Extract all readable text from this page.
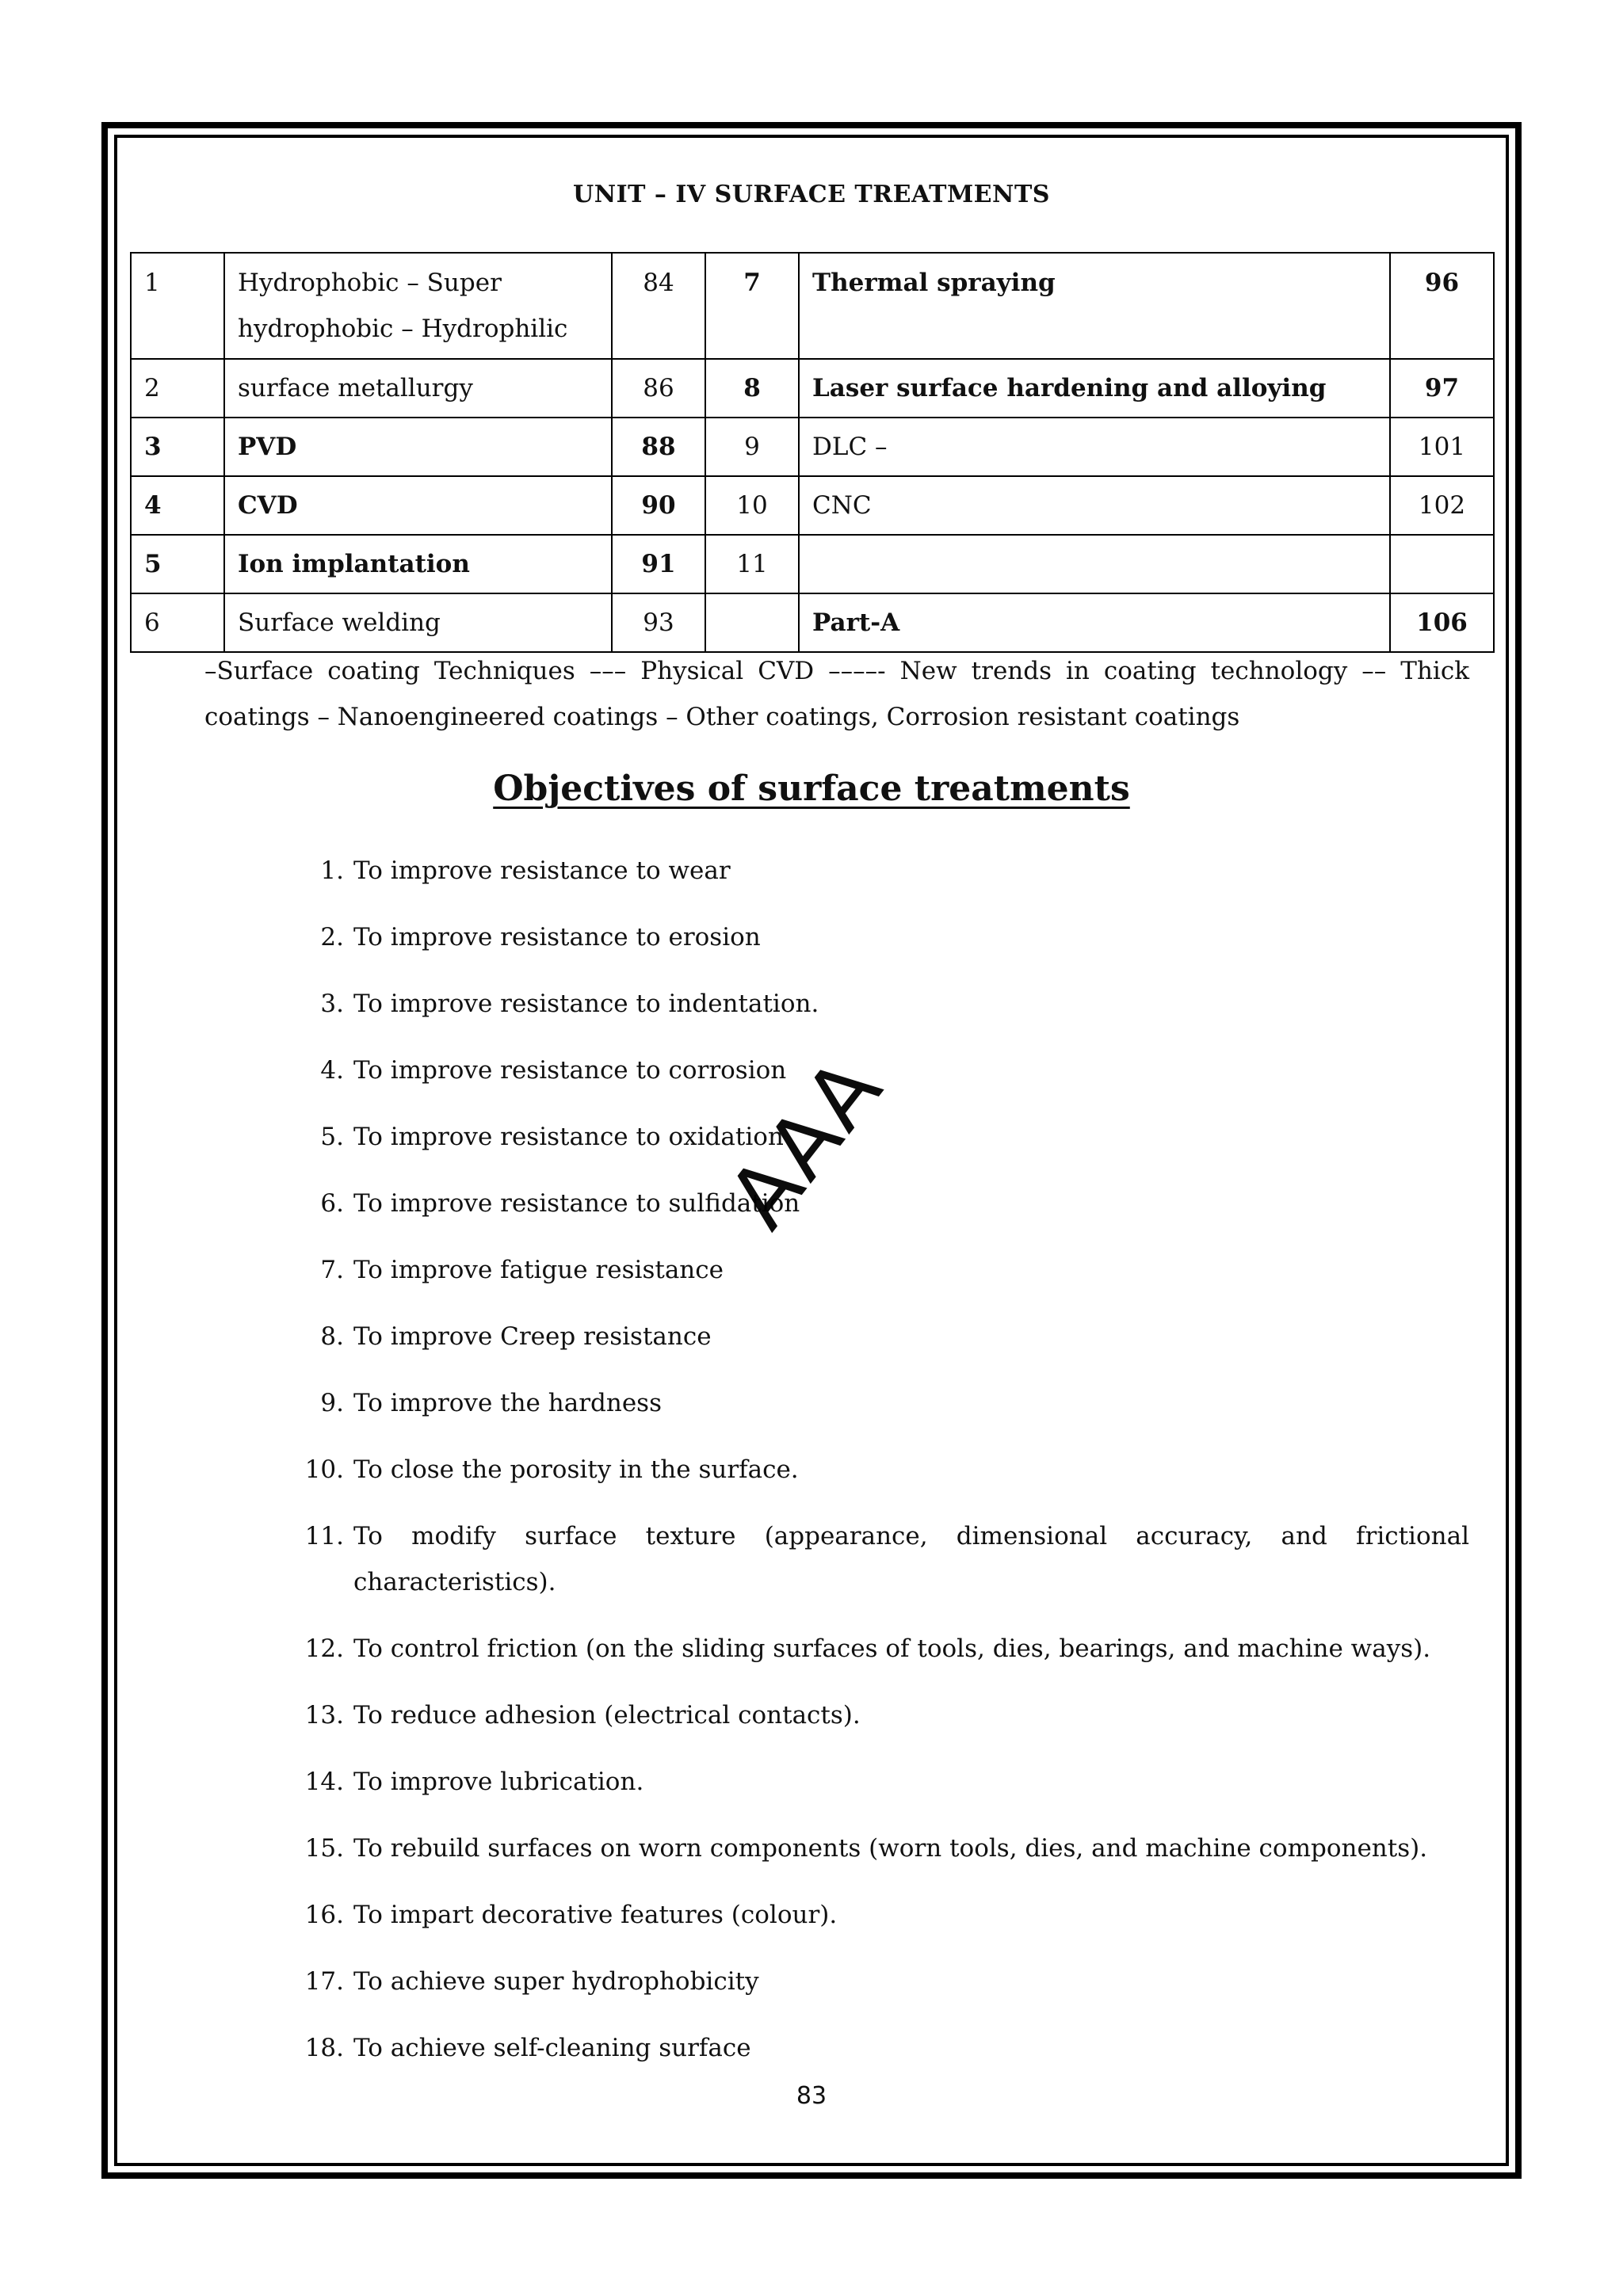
UNIT – IV SURFACE TREATMENTS
1	Hydrophobic – Super hydrophobic – Hydrophilic	84	7	Thermal spraying	96
2	surface metallurgy	86	8	Laser surface hardening and alloying	97
3	PVD	88	9	DLC –	101
4	CVD	90	10	CNC	102
5	Ion implantation	91	11		
6	Surface welding	93		Part-A	106
–Surface coating Techniques ––– Physical CVD ––––- New trends in coating technology –– Thick coatings – Nanoengineered coatings – Other coatings, Corrosion resistant coatings
Objectives of surface treatments
1. To improve resistance to wear
2. To improve resistance to erosion
3. To improve resistance to indentation.
4. To improve resistance to corrosion
5. To improve resistance to oxidation
6. To improve resistance to sulfidation
7. To improve fatigue resistance
8. To improve Creep resistance
9. To improve the hardness
10. To close the porosity in the surface.
11. To modify surface texture (appearance, dimensional accuracy, and frictional characteristics).
12. To control friction (on the sliding surfaces of tools, dies, bearings, and machine ways).
13. To reduce adhesion (electrical contacts).
14. To improve lubrication.
15. To rebuild surfaces on worn components (worn tools, dies, and machine components).
16. To impart decorative features (colour).
17. To achieve super hydrophobicity
18. To achieve self-cleaning surface
AAA
83
